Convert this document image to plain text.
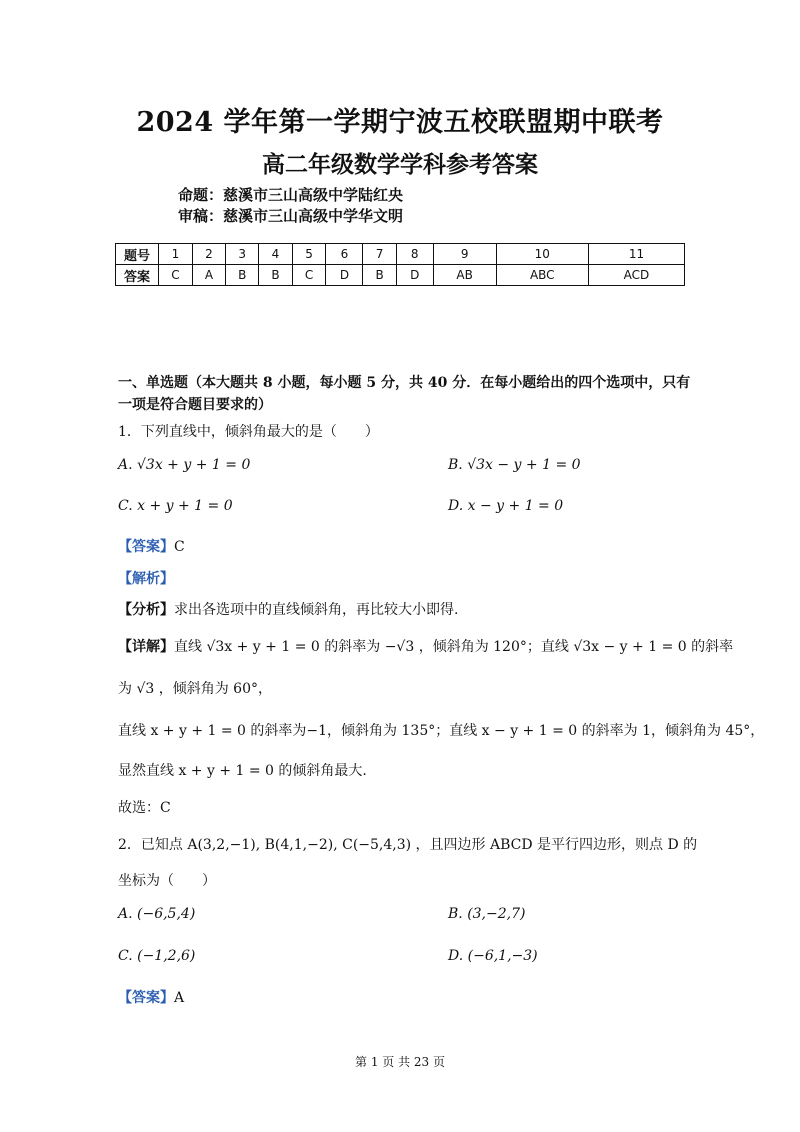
2024 学年第一学期宁波五校联盟期中联考
高二年级数学学科参考答案
命题：慈溪市三山高级中学陆红央
审稿：慈溪市三山高级中学华文明
题号	1	2	3	4	5	6	7	8	9	10	11
答案	C	A	B	B	C	D	B	D	AB	ABC	ACD
一、单选题（本大题共 8 小题，每小题 5 分，共 40 分．在每小题给出的四个选项中，只有
一项是符合题目要求的）
1．下列直线中，倾斜角最大的是（　　）
A. √3x + y + 1 = 0	B. √3x − y + 1 = 0
C. x + y + 1 = 0	D. x − y + 1 = 0
【答案】C
【解析】
【分析】求出各选项中的直线倾斜角，再比较大小即得.
【详解】直线 √3x + y + 1 = 0 的斜率为 −√3 ，倾斜角为 120°；直线 √3x − y + 1 = 0 的斜率
为 √3 ，倾斜角为 60°，
直线 x + y + 1 = 0 的斜率为−1，倾斜角为 135°；直线 x − y + 1 = 0 的斜率为 1，倾斜角为 45°，
显然直线 x + y + 1 = 0 的倾斜角最大.
故选：C
2．已知点 A(3,2,−1), B(4,1,−2), C(−5,4,3) ，且四边形 ABCD 是平行四边形，则点 D 的
坐标为（　　）
A. (−6,5,4)	B. (3,−2,7)
C. (−1,2,6)	D. (−6,1,−3)
【答案】A
第 1 页 共 23 页
